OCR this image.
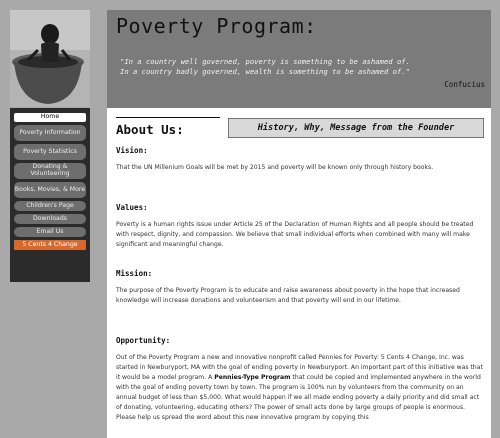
Poverty Program:
"In a country well governed, poverty is something to be ashamed of.
In a country badly governed, wealth is something to be ashamed of."
Confucius
Home
Poverty Information
Poverty Statistics
Donating & Volunteering
Books, Movies, & More
Children's Page
Downloads
Email Us
5 Cents 4 Change
About Us:	History, Why, Message from the Founder
Vision:

That the UN Millenium Goals will be met by 2015 and poverty will be known only through history books.

Values:

Poverty is a human rights issue under Article 25 of the Declaration of Human Rights and all people should be treated with respect, dignity, and compassion. We believe that small individual efforts when combined with many will make significant and meaningful change.

Mission:

The purpose of the Poverty Program is to educate and raise awareness about poverty in the hope that increased knowledge will increase donations and volunteerism and that poverty will end in our lifetime.

Opportunity:

Out of the Poverty Program a new and innovative nonprofit called Pennies for Poverty: 5 Cents 4 Change, Inc. was started in Newburyport, MA with the goal of ending poverty in Newburyport. An important part of this initiative was that it would be a model program. A Pennies-Type Program that could be copied and implemented anywhere in the world with the goal of ending poverty town by town. The program is 100% run by volunteers from the community on an annual budget of less than $5,000. What would happen if we all made ending poverty a daily priority and did small act of donating, volunteering, educating others? The power of small acts done by large groups of people is enormous. Please help us spread the word about this new innovative program by copying this
